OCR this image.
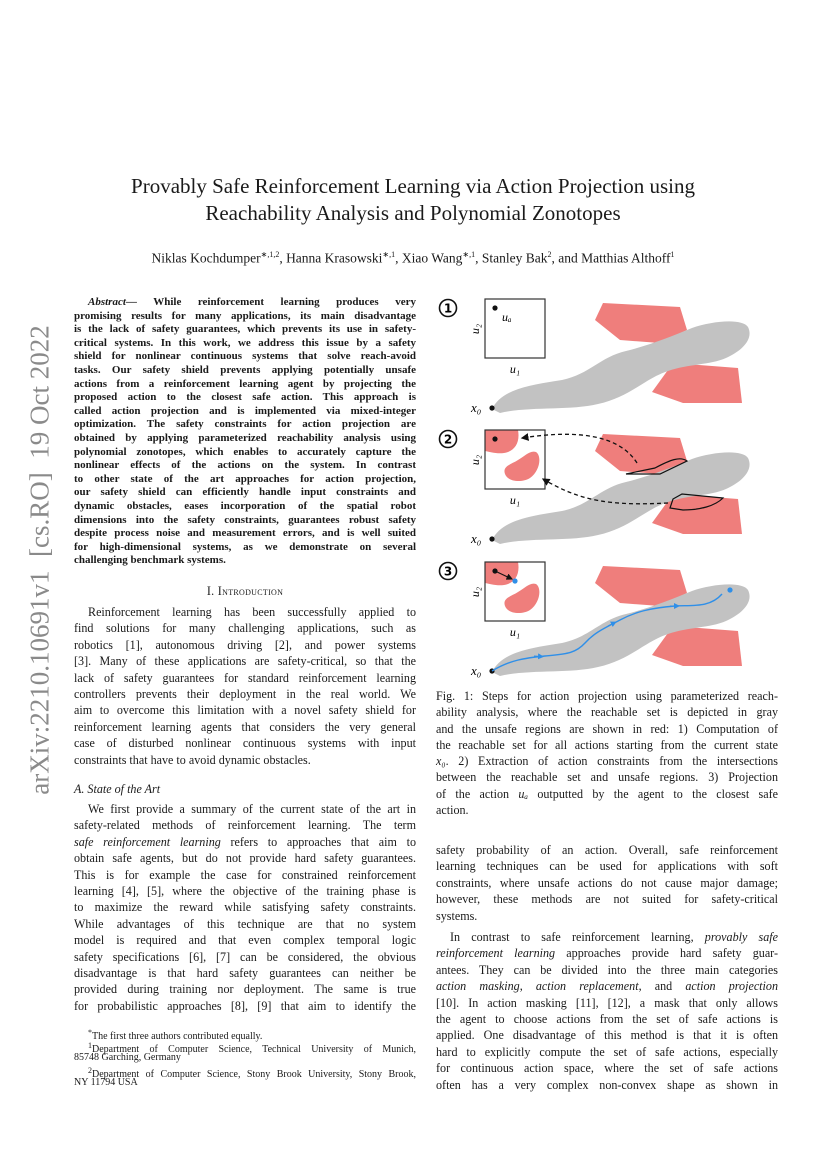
arXiv:2210.10691v1  [cs.RO]  19 Oct 2022
Provably Safe Reinforcement Learning via Action Projection using
Reachability Analysis and Polynomial Zonotopes
Niklas Kochdumper$^{∗,1,2}$, Hanna Krasowski$^{∗,1}$, Xiao Wang$^{∗,1}$, Stanley Bak$^2$, and Matthias Althoff$^1$
Abstract— While reinforcement learning produces very
promising results for many applications, its main disadvantage
is the lack of safety guarantees, which prevents its use in safety-
critical systems. In this work, we address this issue by a safety
shield for nonlinear continuous systems that solve reach-avoid
tasks. Our safety shield prevents applying potentially unsafe
actions from a reinforcement learning agent by projecting the
proposed action to the closest safe action. This approach is
called action projection and is implemented via mixed-integer
optimization. The safety constraints for action projection are
obtained by applying parameterized reachability analysis using
polynomial zonotopes, which enables to accurately capture the
nonlinear effects of the actions on the system. In contrast
to other state of the art approaches for action projection,
our safety shield can efficiently handle input constraints and
dynamic obstacles, eases incorporation of the spatial robot
dimensions into the safety constraints, guarantees robust safety
despite process noise and measurement errors, and is well suited
for high-dimensional systems, as we demonstrate on several
challenging benchmark systems.
I. Introduction
Reinforcement learning has been successfully applied to
find solutions for many challenging applications, such as
robotics [1], autonomous driving [2], and power systems
[3]. Many of these applications are safety-critical, so that the
lack of safety guarantees for standard reinforcement learning
controllers prevents their deployment in the real world. We
aim to overcome this limitation with a novel safety shield for
reinforcement learning agents that considers the very general
case of disturbed nonlinear continuous systems with input
constraints that have to avoid dynamic obstacles.
A. State of the Art
We first provide a summary of the current state of the art in
safety-related methods of reinforcement learning. The term
safe reinforcement learning refers to approaches that aim to
obtain safe agents, but do not provide hard safety guarantees.
This is for example the case for constrained reinforcement
learning [4], [5], where the objective of the training phase is
to maximize the reward while satisfying safety constraints.
While advantages of this technique are that no system
model is required and that even complex temporal logic
safety specifications [6], [7] can be considered, the obvious
disadvantage is that hard safety guarantees can neither be
provided during training nor deployment. The same is true
for probabilistic approaches [8], [9] that aim to identify the
*The first three authors contributed equally.
$^1$Department of Computer Science, Technical University of Munich,
85748 Garching, Germany
$^2$Department of Computer Science, Stony Brook University, Stony Brook,
NY 11794 USA
1
x₀
uₐ
u₁
u₂
2
x₀
u₁
u₂
3
x₀
u₁
u₂
Fig. 1: Steps for action projection using parameterized reach-
ability analysis, where the reachable set is depicted in gray
and the unsafe regions are shown in red: 1) Computation of
the reachable set for all actions starting from the current state
x₀. 2) Extraction of action constraints from the intersections
between the reachable set and unsafe regions. 3) Projection
of the action uₐ outputted by the agent to the closest safe
action.
safety probability of an action. Overall, safe reinforcement
learning techniques can be used for applications with soft
constraints, where unsafe actions do not cause major damage;
however, these methods are not suited for safety-critical
systems.
In contrast to safe reinforcement learning, provably safe
reinforcement learning approaches provide hard safety guar-
antees. They can be divided into the three main categories
action masking, action replacement, and action projection
[10]. In action masking [11], [12], a mask that only allows
the agent to choose actions from the set of safe actions is
applied. One disadvantage of this method is that it is often
hard to explicitly compute the set of safe actions, especially
for continuous action space, where the set of safe actions
often has a very complex non-convex shape as shown in
